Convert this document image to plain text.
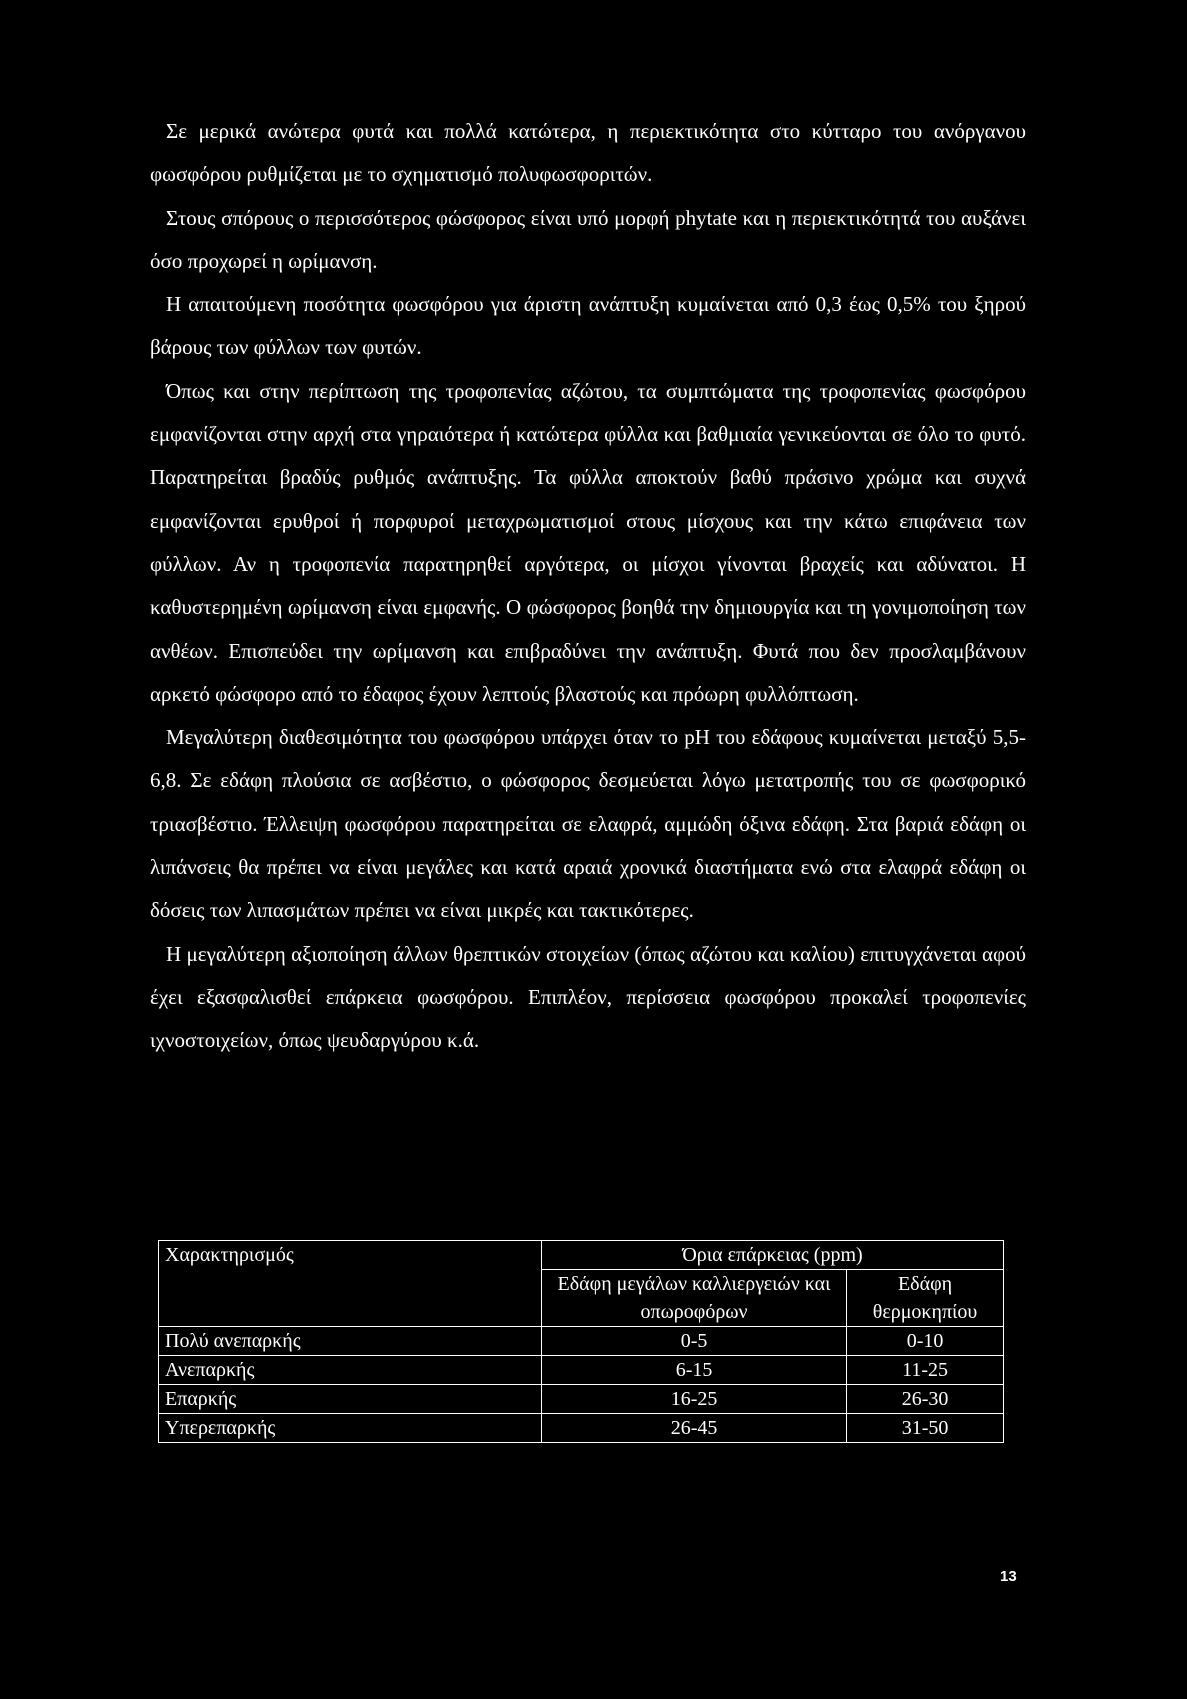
Σε μερικά ανώτερα φυτά και πολλά κατώτερα, η περιεκτικότητα στο κύτταρο του ανόργανου φωσφόρου ρυθμίζεται με το σχηματισμό πολυφωσφοριτών.

Στους σπόρους ο περισσότερος φώσφορος είναι υπό μορφή phytate και η περιεκτικότητά του αυξάνει όσο προχωρεί η ωρίμανση.

Η απαιτούμενη ποσότητα φωσφόρου για άριστη ανάπτυξη κυμαίνεται από 0,3 έως 0,5% του ξηρού βάρους των φύλλων των φυτών.

Όπως και στην περίπτωση της τροφοπενίας αζώτου, τα συμπτώματα της τροφοπενίας φωσφόρου εμφανίζονται στην αρχή στα γηραιότερα ή κατώτερα φύλλα και βαθμιαία γενικεύονται σε όλο το φυτό. Παρατηρείται βραδύς ρυθμός ανάπτυξης. Τα φύλλα αποκτούν βαθύ πράσινο χρώμα και συχνά εμφανίζονται ερυθροί ή πορφυροί μεταχρωματισμοί στους μίσχους και την κάτω επιφάνεια των φύλλων. Αν η τροφοπενία παρατηρηθεί αργότερα, οι μίσχοι γίνονται βραχείς και αδύνατοι. Η καθυστερημένη ωρίμανση είναι εμφανής. Ο φώσφορος βοηθά την δημιουργία και τη γονιμοποίηση των ανθέων. Επισπεύδει την ωρίμανση και επιβραδύνει την ανάπτυξη. Φυτά που δεν προσλαμβάνουν αρκετό φώσφορο από το έδαφος έχουν λεπτούς βλαστούς και πρόωρη φυλλόπτωση.

Μεγαλύτερη διαθεσιμότητα του φωσφόρου υπάρχει όταν το pH του εδάφους κυμαίνεται μεταξύ 5,5-6,8. Σε εδάφη πλούσια σε ασβέστιο, ο φώσφορος δεσμεύεται λόγω μετατροπής του σε φωσφορικό τριασβέστιο. Έλλειψη φωσφόρου παρατηρείται σε ελαφρά, αμμώδη όξινα εδάφη. Στα βαριά εδάφη οι λιπάνσεις θα πρέπει να είναι μεγάλες και κατά αραιά χρονικά διαστήματα ενώ στα ελαφρά εδάφη οι δόσεις των λιπασμάτων πρέπει να είναι μικρές και τακτικότερες.

Η μεγαλύτερη αξιοποίηση άλλων θρεπτικών στοιχείων (όπως αζώτου και καλίου) επιτυγχάνεται αφού έχει εξασφαλισθεί επάρκεια φωσφόρου. Επιπλέον, περίσσεια φωσφόρου προκαλεί τροφοπενίες ιχνοστοιχείων, όπως ψευδαργύρου κ.ά.

Χαρακτηρισμός	Όρια επάρκειας (ppm)	
	Εδάφη μεγάλων καλλιεργειών και οπωροφόρων	Εδάφη θερμοκηπίου
Πολύ ανεπαρκής	0-5	0-10
Ανεπαρκής	6-15	11-25
Επαρκής	16-25	26-30
Υπερεπαρκής	26-45	31-50
13
